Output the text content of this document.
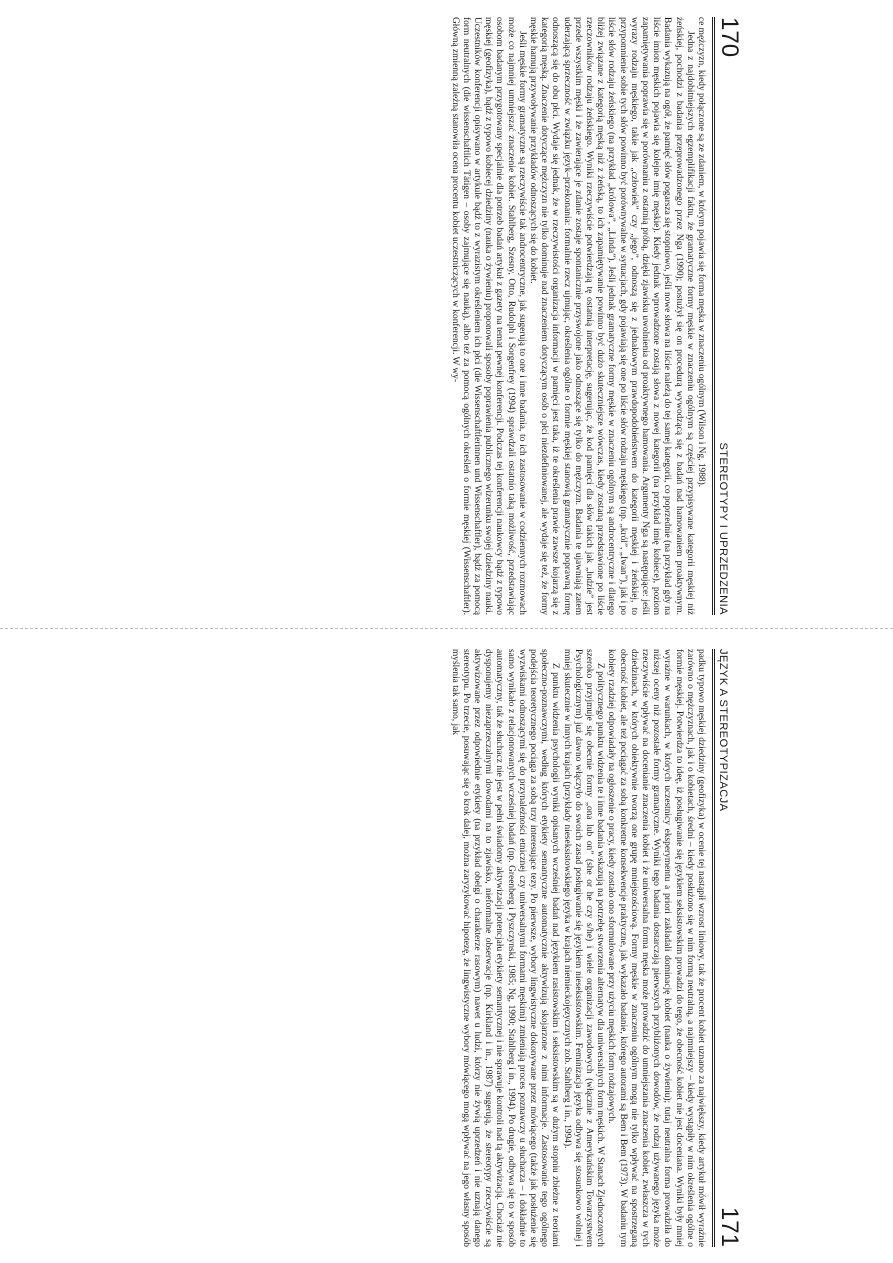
170
STEREOTYPY I UPRZEDZENIA

ce mężczyzn, kiedy połączone są ze zdaniem, w którym pojawia się forma męska w znaczeniu ogólnym (Wilson i Ng, 1988).

Jedna z najdobitniejszych egzemplifikacji faktu, że gramatyczne formy męskie w znaczeniu ogólnym są częściej przypisywane kategorii męskiej niż żeńskiej, pochodzi z badania przeprowadzonego przez Nga (1990); postużył się on procedurą wywodzącą się z badań nad hamowaniem proaktywnym. Badania wykazują na ogół, że pamięć słów pogarsza się stopniowo, jeśli nowe słowa na liście należą do tej samej kategorii, co poprzednie (na przykład gdy na liście imion męskich pojawia się kolejne imię męskie). Kiedy jednak wprowadzone zostają słowa z nowej kategorii (na przykład imię kobiece), poziom zapamiętywania poprawia się w porównaniu z ostatnią próbą, dzięki zjawisku uwolnienia od proaktywnego hamowania. Argumenty Nga są następujące: jeśli wyrazy rodzaju męskiego, takie jak „człowiek” czy „jego”, odnoszą się z jednakowym prawdopodobieństwem do kategorii męskiej i żeńskiej, to przypomnienie sobie tych słów powinno być porównywalne w sytuacjach, gdy pojawiają się one po liście słów rodzaju męskiego (np. „król”, „Iwan”), jak i po liście słów rodzaju żeńskiego (na przykład „królowa”, „Linda”). Jeśli jednak gramatyczne formy męskie w znaczeniu ogólnym są androcentryczne i dlatego bliżej związane z kategorią męską niż z żeńską, to ich zapamiętywanie powinno być dużo skuteczniejsze wówczas, kiedy zostaną przedstawione po liście rzeczowników rodzaju żeńskiego. Wyniki rzeczywiście potwierdzają tę ostatnią interpretację, sugerując, że kod pamięci dla słów takich jak „ludzie” jest przede wszystkim męski i że zawierające je zdanie zostaje spontanicznie przyswojone jako odnoszące się tylko do mężczyzn. Badania te ujawniają zatem uderzającą sprzeczność w związku język–przekonania: formalnie rzecz ujmując, określenia ogólne o formie męskiej stanowią gramatycznie poprawną formę odnoszącą się do obu płci. Wydaje się jednak, że w rzeczywistości organizacja informacji w pamięci jest taka, iż te określenia prawie zawsze kojarzą się z kategorią męską. Znaczenie dotyczące mężczyzn nie tylko dominuje nad znaczeniem dotyczącym osób o płci niezdefiniowanej, ale wydaje się też, że formy męskie hamują przywoływanie przykładów odnoszących się do kobiet.

Jeśli męskie formy gramatyczne są rzeczywiście tak androcentryczne, jak sugerują to one i inne badania, to ich zastosowanie w codziennych rozmowach może co najmniej umniejszać znaczenie kobiet. Stahlberg, Szesny, Otto, Rudolph i Sorgenfrey (1994) sprawdzali ostatnio taką możliwość, przedstawiając osobom badanym przygotowany specjalnie dla potrzeb badań artykuł z gazety na temat pewnej konferencji. Podczas tej konferencji naukowcy bądź z typowo męskiej (geofizyka), bądź z typowo kobiecej dziedziny (nauka o żywieniu) proponowali sposoby poprawienia publicznego wizerunku swojej dziedziny nauki. Uczestników konferencji opisywano w artykule bądź to z wyrazistym określeniem ich płci (die Wissenschaftlerinnen und Wissenschaftler), bądź za pomocą form neutralnych (die wissenschaftlich Tätigen – osoby zajmujące się nauką), albo też za pomocą ogólnych określeń o formie męskiej (Wissenschaftler). Główną zmienną zależną stanowiła ocena procentu kobiet uczestniczących w konferencji. W wy-

JĘZYK A STEREOTYPIZACJA
171

padku typowo męskiej dziedziny (geofizyka) w ocenie tej nastąpił wzrost liniowy, tak że procent kobiet uznano za największy, kiedy artykuł mówił wyraźnie zarówno o mężczyznach, jak i o kobietach, średni – kiedy posłużono się w nim formą neutralną, a najmniejszy – kiedy wystąpiły w nim określenia ogólne o formie męskiej. Potwierdza to ideę, iż posługiwanie się językiem seksistowskim prowadzi do tego, że obecność kobiet nie jest doceniana. Wyniki były mniej wyraźne w warunkach, w których uczestnicy eksperymentu a priori zakładali dominację kobiet (nauka o żywieniu); tutaj neutralna forma prowadziła do niższej oceny niż pozostałe formy gramatyczne. Wyniki tego badania dostarczają pierwszych przybliżonych dowodów, że rodzaj używanego języka może rzeczywiście wpływać na docenianie znaczenia kobiet i że uniwersalna forma męska może prowadzić do umniejszania znaczenia kobiet, zwłaszcza w tych dziedzinach, w których obiektywnie tworzą one grupę mniejszościową. Formy męskie w znaczeniu ogólnym mogą nie tylko wpływać na spostrzeganą obecność kobiet, ale też pociągać za sobą konkretne konsekwencje praktyczne, jak wykazało badanie, którego autorami są Bem i Bem (1973). W badaniu tym kobiety rzadziej odpowiadały na ogłoszenie o pracy, kiedy zostało ono sformułowane przy użyciu męskich form rodzajowych.

Z politycznego punktu widzenia te i inne badania wskazują na potrzebę stworzenia alternatyw dla uniwersalnych form męskich. W Stanach Zjednoczonych szeroko przyjmuje się obecnie formy „ona lub on” (she or he czy s/he) i wiele organizacji zawodowych (włącznie z Amerykańskim Towarzystwem Psychologicznym) już dawno włączyło do swoich zasad posługiwanie się językiem nieseksistowskim. Feminizacja języka odbywa się stosunkowo wolniej i mniej skutecznie w innych krajach (przykłady nieseksistowskiego języka w krajach niemieckojęzycznych zob. Stahlberg i in., 1994).

Z punktu widzenia psychologii wyniki opisanych wcześniej badań nad językiem rasistowskim i seksistowskim są w dużym stopniu zbieżne z teoriami społeczno-poznawczymi, według których etykiety semantyczne automatycznie aktywizują skojarzone z nimi informacje. Zastosowanie tego ogólnego podejścia teoretycznego pociąga za sobą trzy interesujące tezy. Po pierwsze, wybory lingwistyczne dokonywane przez mówiącego (także jak posłużenie się wyzwiskami odnoszącymi się do przynależności etnicznej czy uniwersalnymi formami męskimi) zmieniają proces poznawczy u słuchacza – i dokładnie to samo wynikało z relacjonowanych wcześniej badań (np. Greenberg i Pyszczynski, 1985; Ng, 1990; Stahlberg i in., 1994). Po drugie, odbywa się to w sposób automatyczny, tak że słuchacz nie jest w pełni świadomy aktywizacji potencjału etykiety semantycznej i nie sprawuje kontroli nad tą aktywizacją. Chociaż nie dysponujemy niezaprzeczalnymi dowodami na to zjawisko, nieformalne obserwacje (np. Kirkland i in., 1987) sugerują, że stereotypy rzeczywiście są aktywizowane przez odpowiednie etykiety (na przykład obelgi o charakterze rasowym) nawet u ludzi, którzy nie żywią uprzedzeń i nie uznają danego stereotypu. Po trzecie, posuwając się o krok dalej, można zaryzykować hipotezę, że lingwistyczne wybory mówiącego mogą wpływać na jego własny sposób myślenia tak samo, jak
